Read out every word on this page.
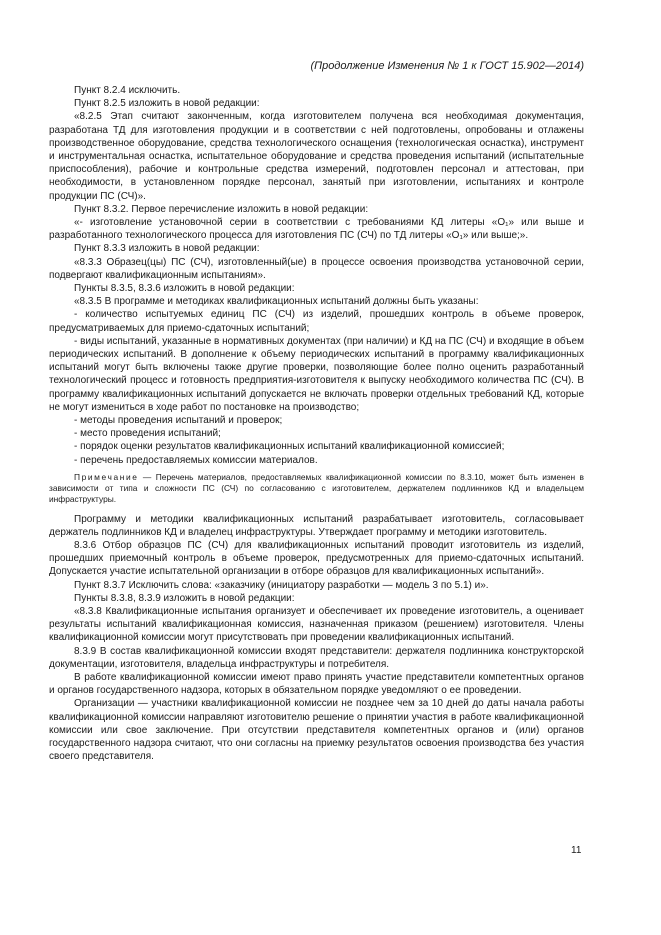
(Продолжение Изменения № 1 к ГОСТ 15.902—2014)

Пункт 8.2.4 исключить.

Пункт 8.2.5 изложить в новой редакции:

«8.2.5 Этап считают законченным, когда изготовителем получена вся необходимая документация, разработана ТД для изготовления продукции и в соответствии с ней подготовлены, опробованы и отлажены производственное оборудование, средства технологического оснащения (технологическая оснастка), инструмент и инструментальная оснастка, испытательное оборудование и средства проведения испытаний (испытательные приспособления), рабочие и контрольные средства измерений, подготовлен персонал и аттестован, при необходимости, в установленном порядке персонал, занятый при изготовлении, испытаниях и контроле продукции ПС (СЧ)».

Пункт 8.3.2. Первое перечисление изложить в новой редакции:

«- изготовление установочной серии в соответствии с требованиями КД литеры «О₁» или выше и разработанного технологического процесса для изготовления ПС (СЧ) по ТД литеры «О₁» или выше;».

Пункт 8.3.3 изложить в новой редакции:

«8.3.3 Образец(цы) ПС (СЧ), изготовленный(ые) в процессе освоения производства установочной серии, подвергают квалификационным испытаниям».

Пункты 8.3.5, 8.3.6 изложить в новой редакции:

«8.3.5 В программе и методиках квалификационных испытаний должны быть указаны:

- количество испытуемых единиц ПС (СЧ) из изделий, прошедших контроль в объеме проверок, предусматриваемых для приемо-сдаточных испытаний;

- виды испытаний, указанные в нормативных документах (при наличии) и КД на ПС (СЧ) и входящие в объем периодических испытаний. В дополнение к объему периодических испытаний в программу квалификационных испытаний могут быть включены также другие проверки, позволяющие более полно оценить разработанный технологический процесс и готовность предприятия-изготовителя к выпуску необходимого количества ПС (СЧ). В программу квалификационных испытаний допускается не включать проверки отдельных требований КД, которые не могут измениться в ходе работ по постановке на производство;

- методы проведения испытаний и проверок;

- место проведения испытаний;

- порядок оценки результатов квалификационных испытаний квалификационной комиссией;

- перечень предоставляемых комиссии материалов.

Примечание — Перечень материалов, предоставляемых квалификационной комиссии по 8.3.10, может быть изменен в зависимости от типа и сложности ПС (СЧ) по согласованию с изготовителем, держателем подлинников КД и владельцем инфраструктуры.

Программу и методики квалификационных испытаний разрабатывает изготовитель, согласовывает держатель подлинников КД и владелец инфраструктуры. Утверждает программу и методики изготовитель.

8.3.6 Отбор образцов ПС (СЧ) для квалификационных испытаний проводит изготовитель из изделий, прошедших приемочный контроль в объеме проверок, предусмотренных для приемо-сдаточных испытаний. Допускается участие испытательной организации в отборе образцов для квалификационных испытаний».

Пункт 8.3.7 Исключить слова: «заказчику (инициатору разработки — модель 3 по 5.1) и».

Пункты 8.3.8, 8.3.9 изложить в новой редакции:

«8.3.8 Квалификационные испытания организует и обеспечивает их проведение изготовитель, а оценивает результаты испытаний квалификационная комиссия, назначенная приказом (решением) изготовителя. Члены квалификационной комиссии могут присутствовать при проведении квалификационных испытаний.

8.3.9 В состав квалификационной комиссии входят представители: держателя подлинника конструкторской документации, изготовителя, владельца инфраструктуры и потребителя.

В работе квалификационной комиссии имеют право принять участие представители компетентных органов и органов государственного надзора, которых в обязательном порядке уведомляют о ее проведении.

Организации — участники квалификационной комиссии не позднее чем за 10 дней до даты начала работы квалификационной комиссии направляют изготовителю решение о принятии участия в работе квалификационной комиссии или свое заключение. При отсутствии представителя компетентных органов и (или) органов государственного надзора считают, что они согласны на приемку результатов освоения производства без участия своего представителя.

11
